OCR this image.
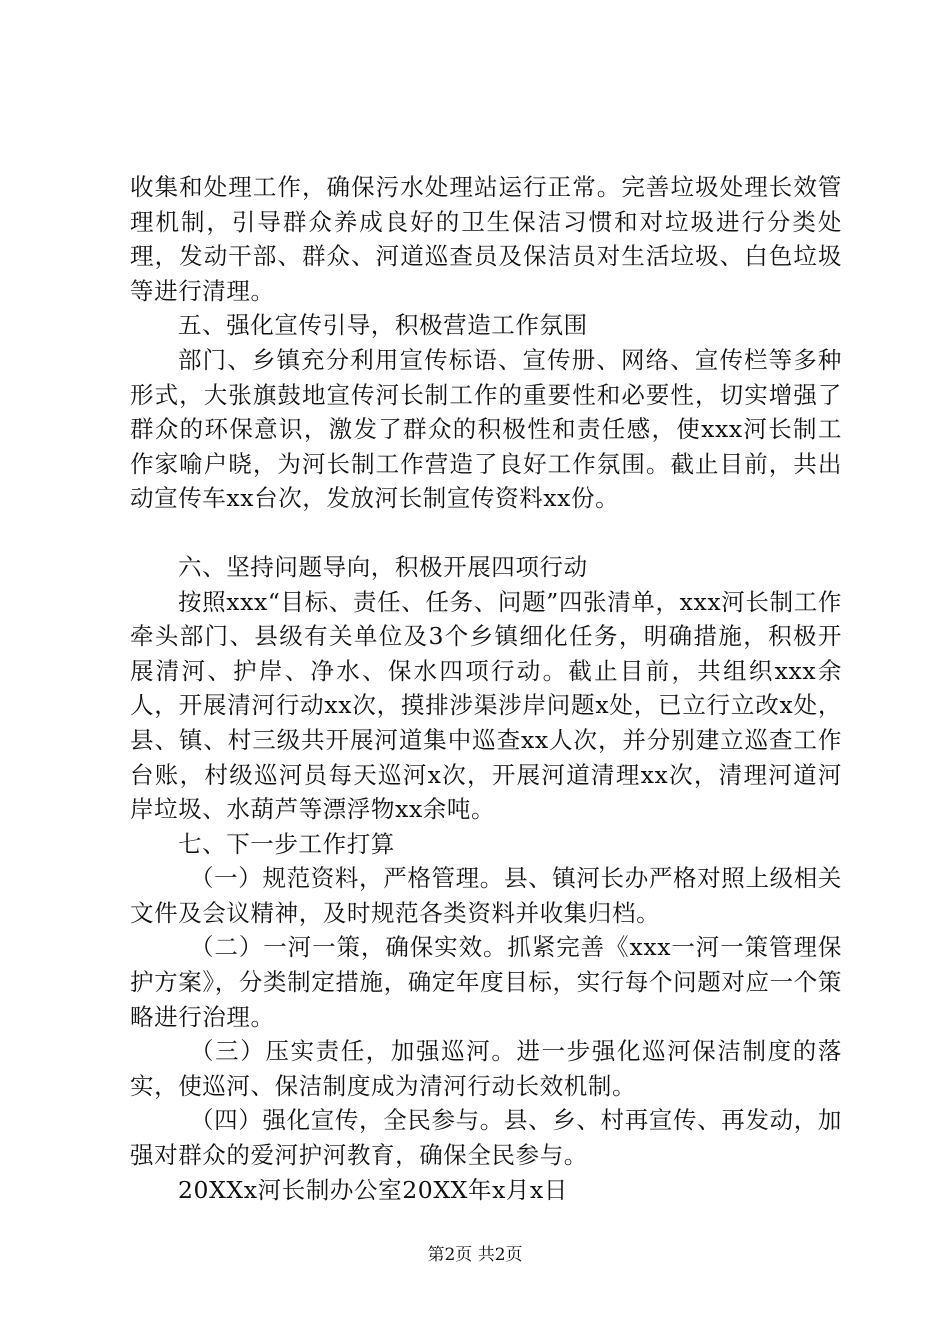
收集和处理工作，确保污水处理站运行正常。完善垃圾处理长效管理机制，引导群众养成良好的卫生保洁习惯和对垃圾进行分类处理，发动干部、群众、河道巡查员及保洁员对生活垃圾、白色垃圾等进行清理。

五、强化宣传引导，积极营造工作氛围

部门、乡镇充分利用宣传标语、宣传册、网络、宣传栏等多种形式，大张旗鼓地宣传河长制工作的重要性和必要性，切实增强了群众的环保意识，激发了群众的积极性和责任感，使xxx河长制工作家喻户晓，为河长制工作营造了良好工作氛围。截止目前，共出动宣传车xx台次，发放河长制宣传资料xx份。

六、坚持问题导向，积极开展四项行动

按照xxx“目标、责任、任务、问题”四张清单，xxx河长制工作牵头部门、县级有关单位及3个乡镇细化任务，明确措施，积极开展清河、护岸、净水、保水四项行动。截止目前，共组织xxx余人，开展清河行动xx次，摸排涉渠涉岸问题x处，已立行立改x处，县、镇、村三级共开展河道集中巡查xx人次，并分别建立巡查工作台账，村级巡河员每天巡河x次，开展河道清理xx次，清理河道河岸垃圾、水葫芦等漂浮物xx余吨。

七、下一步工作打算

（一）规范资料，严格管理。县、镇河长办严格对照上级相关文件及会议精神，及时规范各类资料并收集归档。

（二）一河一策，确保实效。抓紧完善《xxx一河一策管理保护方案》，分类制定措施，确定年度目标，实行每个问题对应一个策略进行治理。

（三）压实责任，加强巡河。进一步强化巡河保洁制度的落实，使巡河、保洁制度成为清河行动长效机制。

（四）强化宣传，全民参与。县、乡、村再宣传、再发动，加强对群众的爱河护河教育，确保全民参与。

20XXx河长制办公室20XX年x月x日

第2页 共2页
